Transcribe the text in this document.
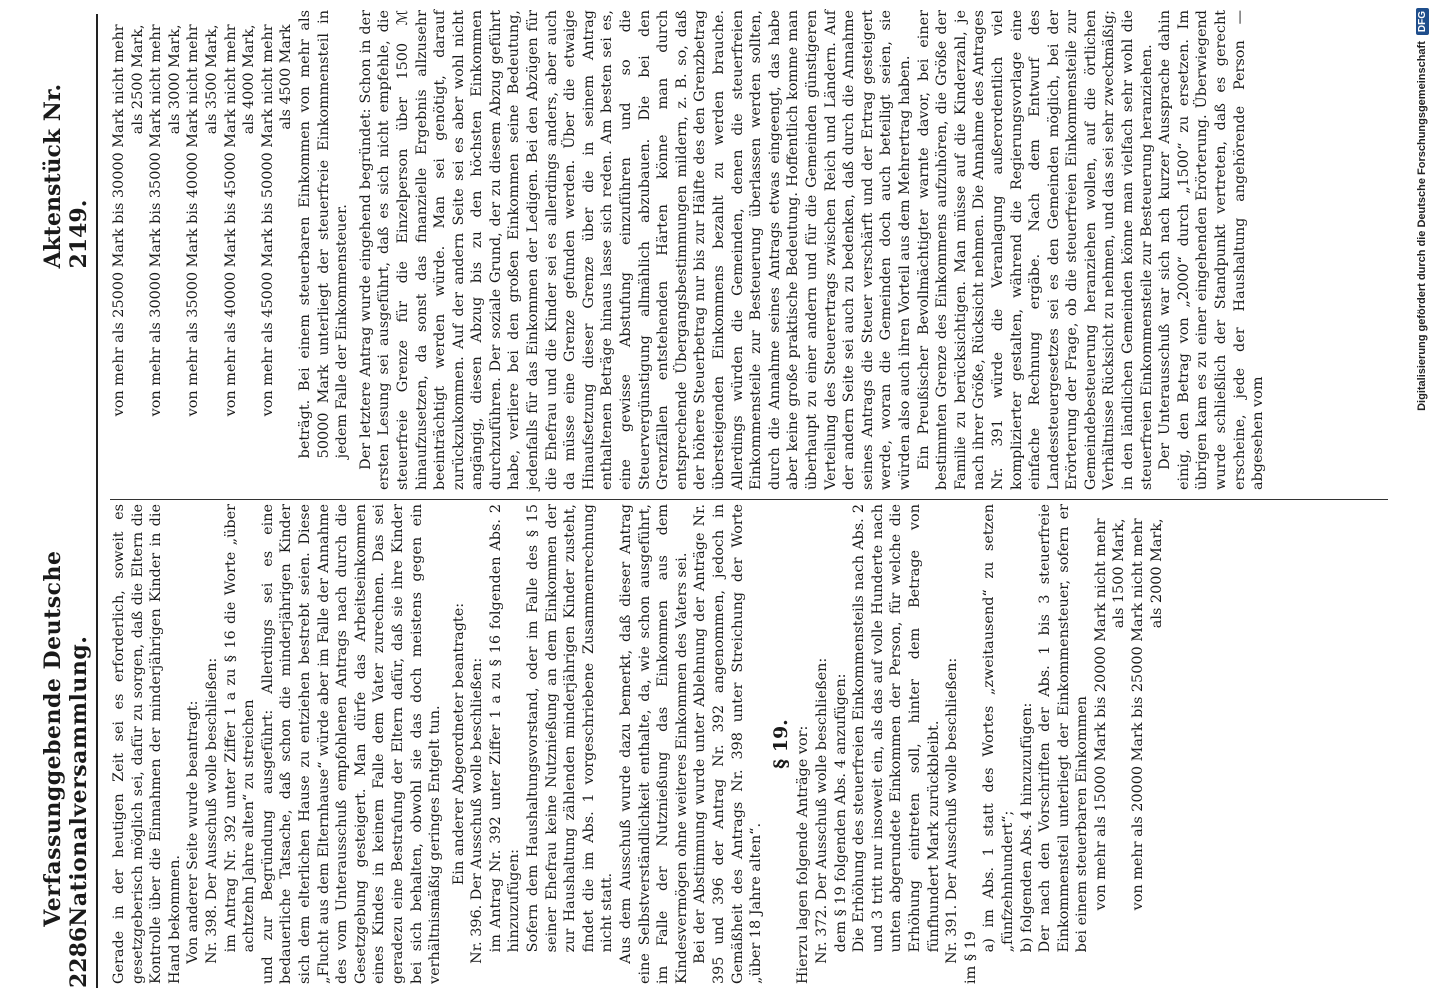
2286
Verfassunggebende Deutsche Nationalversammlung.
Aktenstück Nr. 2149.

Gerade in der heutigen Zeit sei es erforderlich, soweit es gesetzgeberisch möglich sei, dafür zu sorgen, daß die Eltern die Kontrolle über die Einnahmen der minderjährigen Kinder in die Hand bekommen. Von anderer Seite wurde beantragt: Nr. 398. Der Ausschuß wolle beschließen: im Antrag Nr. 392 unter Ziffer 1 a zu § 16 die Worte „über achtzehn Jahre alten“ zu streichen und zur Begründung ausgeführt: Allerdings sei es eine bedauerliche Tatsache, daß schon die minderjährigen Kinder sich dem elterlichen Hause zu entziehen bestrebt seien. Diese „Flucht aus dem Elternhause“ würde aber im Falle der Annahme des vom Unterausschuß empfohlenen Antrags nach durch die Gesetzgebung gesteigert. Man dürfe das Arbeitseinkommen eines Kindes in keinem Falle dem Vater zurechnen. Das sei geradezu eine Bestrafung der Eltern dafür, daß sie ihre Kinder bei sich behalten, obwohl sie das doch meistens gegen ein verhältnismäßig geringes Entgelt tun. Ein anderer Abgeordneter beantragte: Nr. 396. Der Ausschuß wolle beschließen: im Antrag Nr. 392 unter Ziffer 1 a zu § 16 folgenden Abs. 2 hinzuzufügen: Sofern dem Haushaltungsvorstand, oder im Falle des § 15 seiner Ehefrau keine Nutznießung an dem Einkommen der zur Haushaltung zählenden minderjährigen Kinder zusteht, findet die im Abs. 1 vorgeschriebene Zusammenrechnung nicht statt. Aus dem Ausschuß wurde dazu bemerkt, daß dieser Antrag eine Selbstverständlichkeit enthalte, da, wie schon ausgeführt, im Falle der Nutznießung das Einkommen aus dem Kindesvermögen ohne weiteres Einkommen des Vaters sei. Bei der Abstimmung wurde unter Ablehnung der Anträge Nr. 395 und 396 der Antrag Nr. 392 angenommen, jedoch in Gemäßheit des Antrags Nr. 398 unter Streichung der Worte „über 18 Jahre alten“.

§ 19. Hierzu lagen folgende Anträge vor: Nr. 372. Der Ausschuß wolle beschließen: dem § 19 folgenden Abs. 4 anzufügen: Die Erhöhung des steuerfreien Einkommensteils nach Abs. 2 und 3 tritt nur insoweit ein, als das auf volle Hunderte nach unten abgerundete Einkommen der Person, für welche die Erhöhung eintreten soll, hinter dem Betrage von fünfhundert Mark zurückbleibt. Nr. 391. Der Ausschuß wolle beschließen: im § 19

a) im Abs. 1 statt des Wortes „zweitausend“ zu setzen „fünfzehnhundert“; b) folgenden Abs. 4 hinzuzufügen: Der nach den Vorschriften der Abs. 1 bis 3 steuerfreie Einkommensteil unterliegt der Einkommensteuer, sofern er bei einem steuerbaren Einkommen von mehr als 15000 Mark bis 20000 Mark nicht mehr als 1500 Mark, von mehr als 20000 Mark bis 25000 Mark nicht mehr als 2000 Mark,

von mehr als 25000 Mark bis 30000 Mark nicht mehr als 2500 Mark, von mehr als 30000 Mark bis 35000 Mark nicht mehr als 3000 Mark, von mehr als 35000 Mark bis 40000 Mark nicht mehr als 3500 Mark, von mehr als 40000 Mark bis 45000 Mark nicht mehr als 4000 Mark, von mehr als 45000 Mark bis 50000 Mark nicht mehr als 4500 Mark beträgt. Bei einem steuerbaren Einkommen von mehr als 50000 Mark unterliegt der steuerfreie Einkommensteil in jedem Falle der Einkommensteuer. Der letztere Antrag wurde eingehend begründet: Schon in der ersten Lesung sei ausgeführt, daß es sich nicht empfehle, die steuerfreie Grenze für die Einzelperson über 1500 ℳ hinaufzusetzen, da sonst das finanzielle Ergebnis allzusehr beeinträchtigt werden würde. Man sei genötigt, darauf zurückzukommen. Auf der andern Seite sei es aber wohl nicht angängig, diesen Abzug bis zu den höchsten Einkommen durchzuführen. Der soziale Grund, der zu diesem Abzug geführt habe, verliere bei den großen Einkommen seine Bedeutung, jedenfalls für das Einkommen der Ledigen. Bei den Abzügen für die Ehefrau und die Kinder sei es allerdings anders, aber auch da müsse eine Grenze gefunden werden. Über die etwaige Hinaufsetzung dieser Grenze über die in seinem Antrag enthaltenen Beträge hinaus lasse sich reden. Am besten sei es, eine gewisse Abstufung einzuführen und so die Steuervergünstigung allmählich abzubauen. Die bei den Grenzfällen entstehenden Härten könne man durch entsprechende Übergangsbestimmungen mildern, z. B. so, daß der höhere Steuerbetrag nur bis zur Hälfte des den Grenzbetrag übersteigenden Einkommens bezahlt zu werden brauche. Allerdings würden die Gemeinden, denen die steuerfreien Einkommensteile zur Besteuerung überlassen werden sollten, durch die Annahme seines Antrags etwas eingeengt, das habe aber keine große praktische Bedeutung. Hoffentlich komme man überhaupt zu einer andern und für die Gemeinden günstigeren Verteilung des Steuerertrags zwischen Reich und Ländern. Auf der andern Seite sei auch zu bedenken, daß durch die Annahme seines Antrags die Steuer verschärft und der Ertrag gesteigert werde, woran die Gemeinden doch auch beteiligt seien, sie würden also auch ihren Vorteil aus dem Mehrertrag haben. Ein Preußischer Bevollmächtigter warnte davor, bei einer bestimmten Grenze des Einkommens aufzuhören, die Größe der Familie zu berücksichtigen. Man müsse auf die Kinderzahl, je nach ihrer Größe, Rücksicht nehmen. Die Annahme des Antrages Nr. 391 würde die Veranlagung außerordentlich viel komplizierter gestalten, während die Regierungsvorlage eine einfache Rechnung ergäbe. Nach dem Entwurf des Landessteuergesetzes sei es den Gemeinden möglich, bei der Erörterung der Frage, ob die steuerfreien Einkommensteile zur Gemeindebesteuerung heranziehen wollen, auf die örtlichen Verhältnisse Rücksicht zu nehmen, und das sei sehr zweckmäßig; in den ländlichen Gemeinden könne man vielfach sehr wohl die steuerfreien Einkommensteile zur Besteuerung heranziehen. Der Unterausschuß war sich nach kurzer Aussprache dahin einig, den Betrag von „2000“ durch „1500“ zu ersetzen. Im übrigen kam es zu einer eingehenden Erörterung. Überwiegend wurde schließlich der Standpunkt vertreten, daß es gerecht erscheine, jede der Haushaltung angehörende Person — abgesehen vom

Digitalisierung gefördert durch die Deutsche Forschungsgemeinschaft
DFG
